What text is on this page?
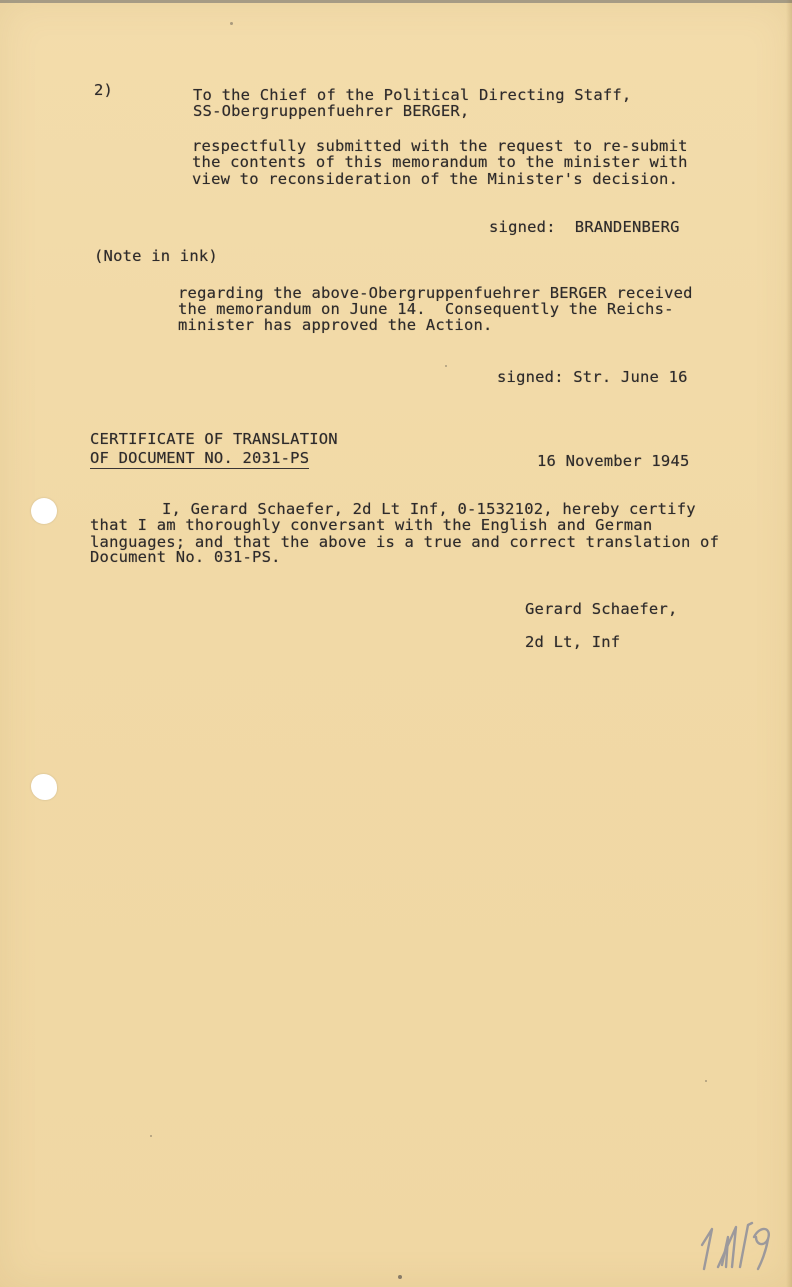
2)	To the Chief of the Political Directing Staff,
SS-Obergruppenfuehrer BERGER,
respectfully submitted with the request to re-submit
the contents of this memorandum to the minister with
view to reconsideration of the Minister's decision.
signed:  BRANDENBERG
(Note in ink)
regarding the above-Obergruppenfuehrer BERGER received
the memorandum on June 14.  Consequently the Reichs-
minister has approved the Action.
signed: Str. June 16
CERTIFICATE OF TRANSLATION
OF DOCUMENT NO. 2031-PS	16 November 1945
I, Gerard Schaefer, 2d Lt Inf, 0-1532102, hereby certify
that I am thoroughly conversant with the English and German
languages; and that the above is a true and correct translation of
Document No. 031-PS.
Gerard Schaefer,
2d Lt, Inf
